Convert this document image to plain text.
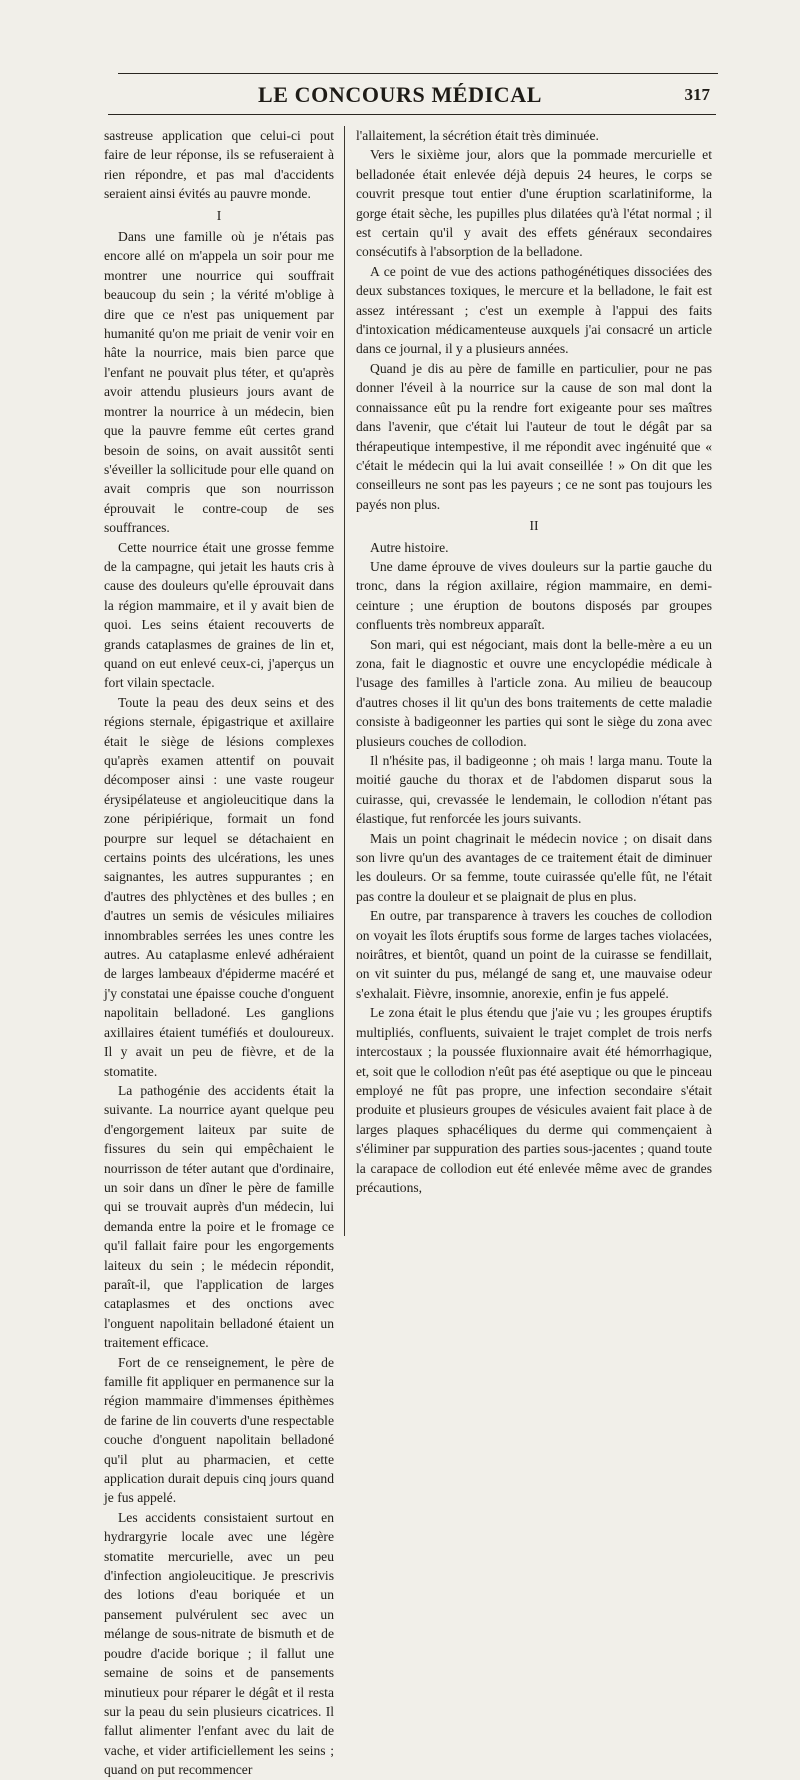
LE CONCOURS MÉDICAL	317

sastreuse application que celui-ci pout faire de leur réponse, ils se refuseraient à rien répondre, et pas mal d'accidents seraient ainsi évités au pauvre monde.

I

Dans une famille où je n'étais pas encore allé on m'appela un soir pour me montrer une nourrice qui souffrait beaucoup du sein ; la vérité m'oblige à dire que ce n'est pas uniquement par humanité qu'on me priait de venir voir en hâte la nourrice, mais bien parce que l'enfant ne pouvait plus téter, et qu'après avoir attendu plusieurs jours avant de montrer la nourrice à un médecin, bien que la pauvre femme eût certes grand besoin de soins, on avait aussitôt senti s'éveiller la sollicitude pour elle quand on avait compris que son nourrisson éprouvait le contre-coup de ses souffrances.

Cette nourrice était une grosse femme de la campagne, qui jetait les hauts cris à cause des douleurs qu'elle éprouvait dans la région mammaire, et il y avait bien de quoi. Les seins étaient recouverts de grands cataplasmes de graines de lin et, quand on eut enlevé ceux-ci, j'aperçus un fort vilain spectacle.

Toute la peau des deux seins et des régions sternale, épigastrique et axillaire était le siège de lésions complexes qu'après examen attentif on pouvait décomposer ainsi : une vaste rougeur érysipélateuse et angioleucitique dans la zone péripiérique, formait un fond pourpre sur lequel se détachaient en certains points des ulcérations, les unes saignantes, les autres suppurantes ; en d'autres des phlyctènes et des bulles ; en d'autres un semis de vésicules miliaires innombrables serrées les unes contre les autres. Au cataplasme enlevé adhéraient de larges lambeaux d'épiderme macéré et j'y constatai une épaisse couche d'onguent napolitain belladoné. Les ganglions axillaires étaient tuméfiés et douloureux. Il y avait un peu de fièvre, et de la stomatite.

La pathogénie des accidents était la suivante. La nourrice ayant quelque peu d'engorgement laiteux par suite de fissures du sein qui empêchaient le nourrisson de téter autant que d'ordinaire, un soir dans un dîner le père de famille qui se trouvait auprès d'un médecin, lui demanda entre la poire et le fromage ce qu'il fallait faire pour les engorgements laiteux du sein ; le médecin répondit, paraît-il, que l'application de larges cataplasmes et des onctions avec l'onguent napolitain belladoné étaient un traitement efficace.

Fort de ce renseignement, le père de famille fit appliquer en permanence sur la région mammaire d'immenses épithèmes de farine de lin couverts d'une respectable couche d'onguent napolitain belladoné qu'il plut au pharmacien, et cette application durait depuis cinq jours quand je fus appelé.

Les accidents consistaient surtout en hydrargyrie locale avec une légère stomatite mercurielle, avec un peu d'infection angioleucitique. Je prescrivis des lotions d'eau boriquée et un pansement pulvérulent sec avec un mélange de sous-nitrate de bismuth et de poudre d'acide borique ; il fallut une semaine de soins et de pansements minutieux pour réparer le dégât et il resta sur la peau du sein plusieurs cicatrices. Il fallut alimenter l'enfant avec du lait de vache, et vider artificiellement les seins ; quand on put recommencer

l'allaitement, la sécrétion était très diminuée.

Vers le sixième jour, alors que la pommade mercurielle et belladonée était enlevée déjà depuis 24 heures, le corps se couvrit presque tout entier d'une éruption scarlatiniforme, la gorge était sèche, les pupilles plus dilatées qu'à l'état normal ; il est certain qu'il y avait des effets généraux secondaires consécutifs à l'absorption de la belladone.

A ce point de vue des actions pathogénétiques dissociées des deux substances toxiques, le mercure et la belladone, le fait est assez intéressant ; c'est un exemple à l'appui des faits d'intoxication médicamenteuse auxquels j'ai consacré un article dans ce journal, il y a plusieurs années.

Quand je dis au père de famille en particulier, pour ne pas donner l'éveil à la nourrice sur la cause de son mal dont la connaissance eût pu la rendre fort exigeante pour ses maîtres dans l'avenir, que c'était lui l'auteur de tout le dégât par sa thérapeutique intempestive, il me répondit avec ingénuité que « c'était le médecin qui la lui avait conseillée ! » On dit que les conseilleurs ne sont pas les payeurs ; ce ne sont pas toujours les payés non plus.

II

Autre histoire.

Une dame éprouve de vives douleurs sur la partie gauche du tronc, dans la région axillaire, région mammaire, en demi-ceinture ; une éruption de boutons disposés par groupes confluents très nombreux apparaît.

Son mari, qui est négociant, mais dont la belle-mère a eu un zona, fait le diagnostic et ouvre une encyclopédie médicale à l'usage des familles à l'article zona. Au milieu de beaucoup d'autres choses il lit qu'un des bons traitements de cette maladie consiste à badigeonner les parties qui sont le siège du zona avec plusieurs couches de collodion.

Il n'hésite pas, il badigeonne ; oh mais ! larga manu. Toute la moitié gauche du thorax et de l'abdomen disparut sous la cuirasse, qui, crevassée le lendemain, le collodion n'étant pas élastique, fut renforcée les jours suivants.

Mais un point chagrinait le médecin novice ; on disait dans son livre qu'un des avantages de ce traitement était de diminuer les douleurs. Or sa femme, toute cuirassée qu'elle fût, ne l'était pas contre la douleur et se plaignait de plus en plus.

En outre, par transparence à travers les couches de collodion on voyait les îlots éruptifs sous forme de larges taches violacées, noirâtres, et bientôt, quand un point de la cuirasse se fendillait, on vit suinter du pus, mélangé de sang et, une mauvaise odeur s'exhalait. Fièvre, insomnie, anorexie, enfin je fus appelé.

Le zona était le plus étendu que j'aie vu ; les groupes éruptifs multipliés, confluents, suivaient le trajet complet de trois nerfs intercostaux ; la poussée fluxionnaire avait été hémorrhagique, et, soit que le collodion n'eût pas été aseptique ou que le pinceau employé ne fût pas propre, une infection secondaire s'était produite et plusieurs groupes de vésicules avaient fait place à de larges plaques sphacéliques du derme qui commençaient à s'éliminer par suppuration des parties sous-jacentes ; quand toute la carapace de collodion eut été enlevée même avec de grandes précautions,
